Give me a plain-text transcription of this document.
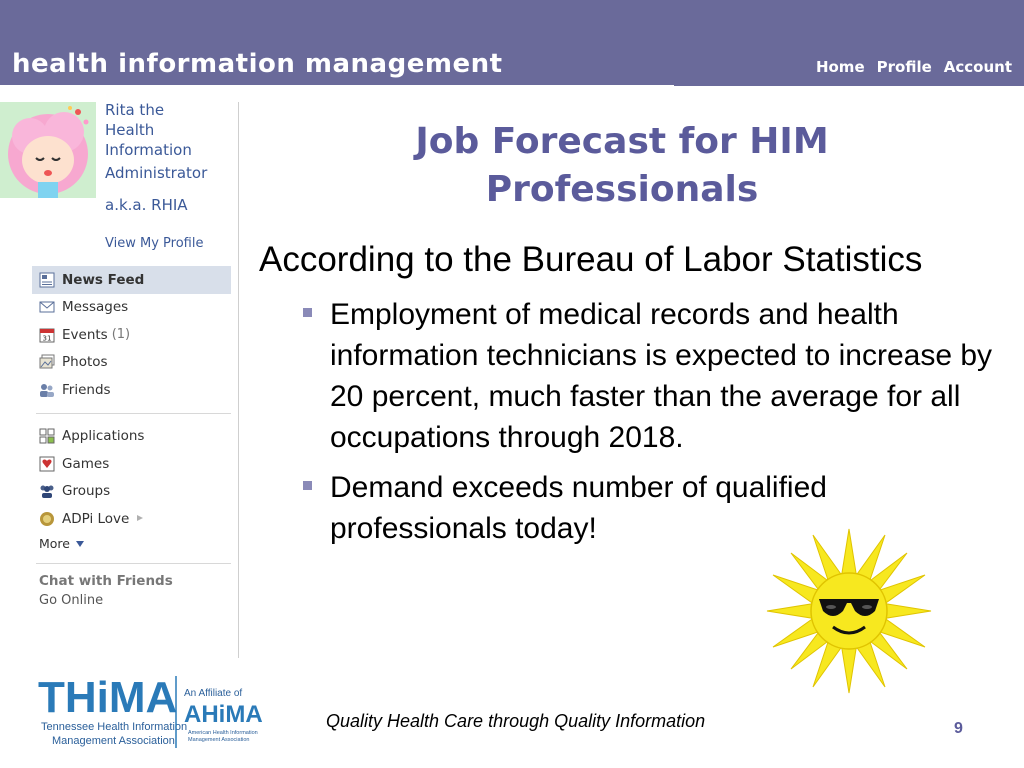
health information management	Home Profile Account
Rita the
Health
Information
Administrator
a.k.a. RHIA
View My Profile
News Feed
Messages
31 Events (1)
Photos
Friends
Applications
Games
Groups
ADPi Love
More
Chat with Friends
Go Online
Job Forecast for HIM
Professionals
According to the Bureau of Labor Statistics
Employment of medical records and health information technicians is expected to increase by 20 percent, much faster than the average for all occupations through 2018.
Demand exceeds number of qualified professionals today!
THiMA
Tennessee Health Information
Management Association
An Affiliate of
AHiMA
American Health Information
Management Association
Quality Health Care through Quality Information	9
